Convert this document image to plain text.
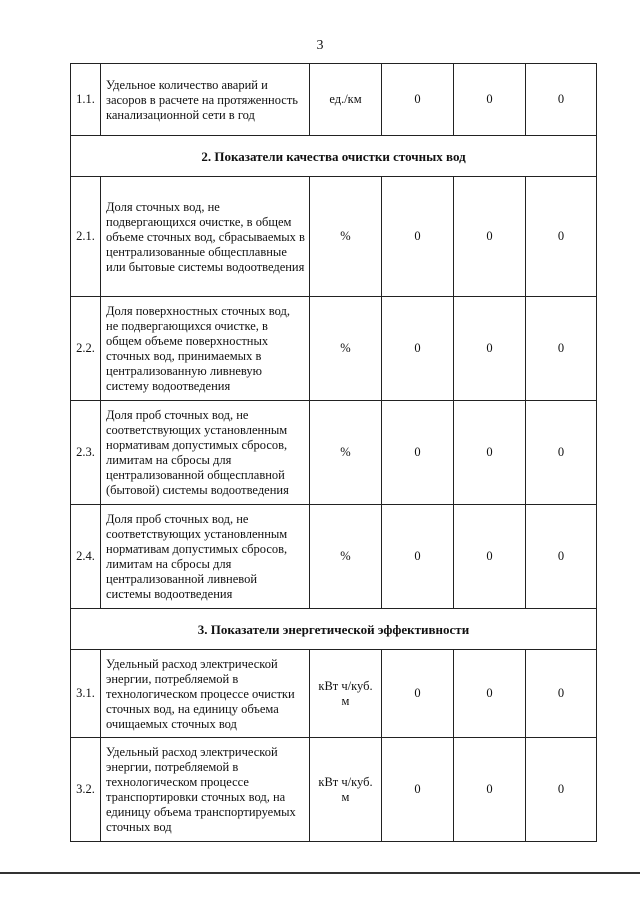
3
1.1.	Удельное количество аварий и засоров в расчете на протяженность канализационной сети в год	ед./км	0	0	0
2. Показатели качества очистки сточных вод					
2.1.	Доля сточных вод, не подвергающихся очистке, в общем объеме сточных вод, сбрасываемых в централизованные общесплавные или бытовые системы водоотведения	%	0	0	0
2.2.	Доля поверхностных сточных вод, не подвергающихся очистке, в общем объеме поверхностных сточных вод, принимаемых в централизованную ливневую систему водоотведения	%	0	0	0
2.3.	Доля проб сточных вод, не соответствующих установленным нормативам допустимых сбросов, лимитам на сбросы для централизованной общесплавной (бытовой) системы водоотведения	%	0	0	0
2.4.	Доля проб сточных вод, не соответствующих установленным нормативам допустимых сбросов, лимитам на сбросы для централизованной ливневой системы водоотведения	%	0	0	0
3. Показатели энергетической эффективности					
3.1.	Удельный расход электрической энергии, потребляемой в технологическом процессе очистки сточных вод, на единицу объема очищаемых сточных вод	кВт ч/куб. м	0	0	0
3.2.	Удельный расход электрической энергии, потребляемой в технологическом процессе транспортировки сточных вод, на единицу объема транспортируемых сточных вод	кВт ч/куб. м	0	0	0
